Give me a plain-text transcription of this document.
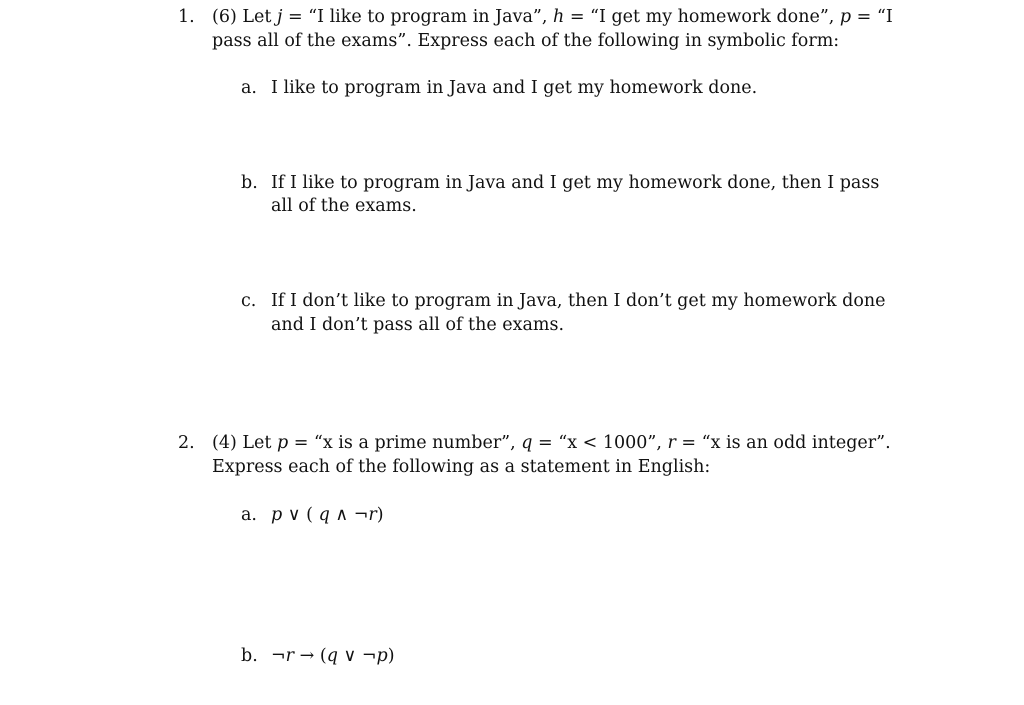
1. (6) Let j = “I like to program in Java”, h = “I get my homework done”, p = “I
pass all of the exams”. Express each of the following in symbolic form:
a. I like to program in Java and I get my homework done.
b. If I like to program in Java and I get my homework done, then I pass
all of the exams.
c. If I don’t like to program in Java, then I don’t get my homework done
and I don’t pass all of the exams.
2. (4) Let p = “x is a prime number”, q = “x < 1000”, r = “x is an odd integer”.
Express each of the following as a statement in English:
a. p ∨ ( q ∧ ¬r)
b. ¬r → (q ∨ ¬p)
